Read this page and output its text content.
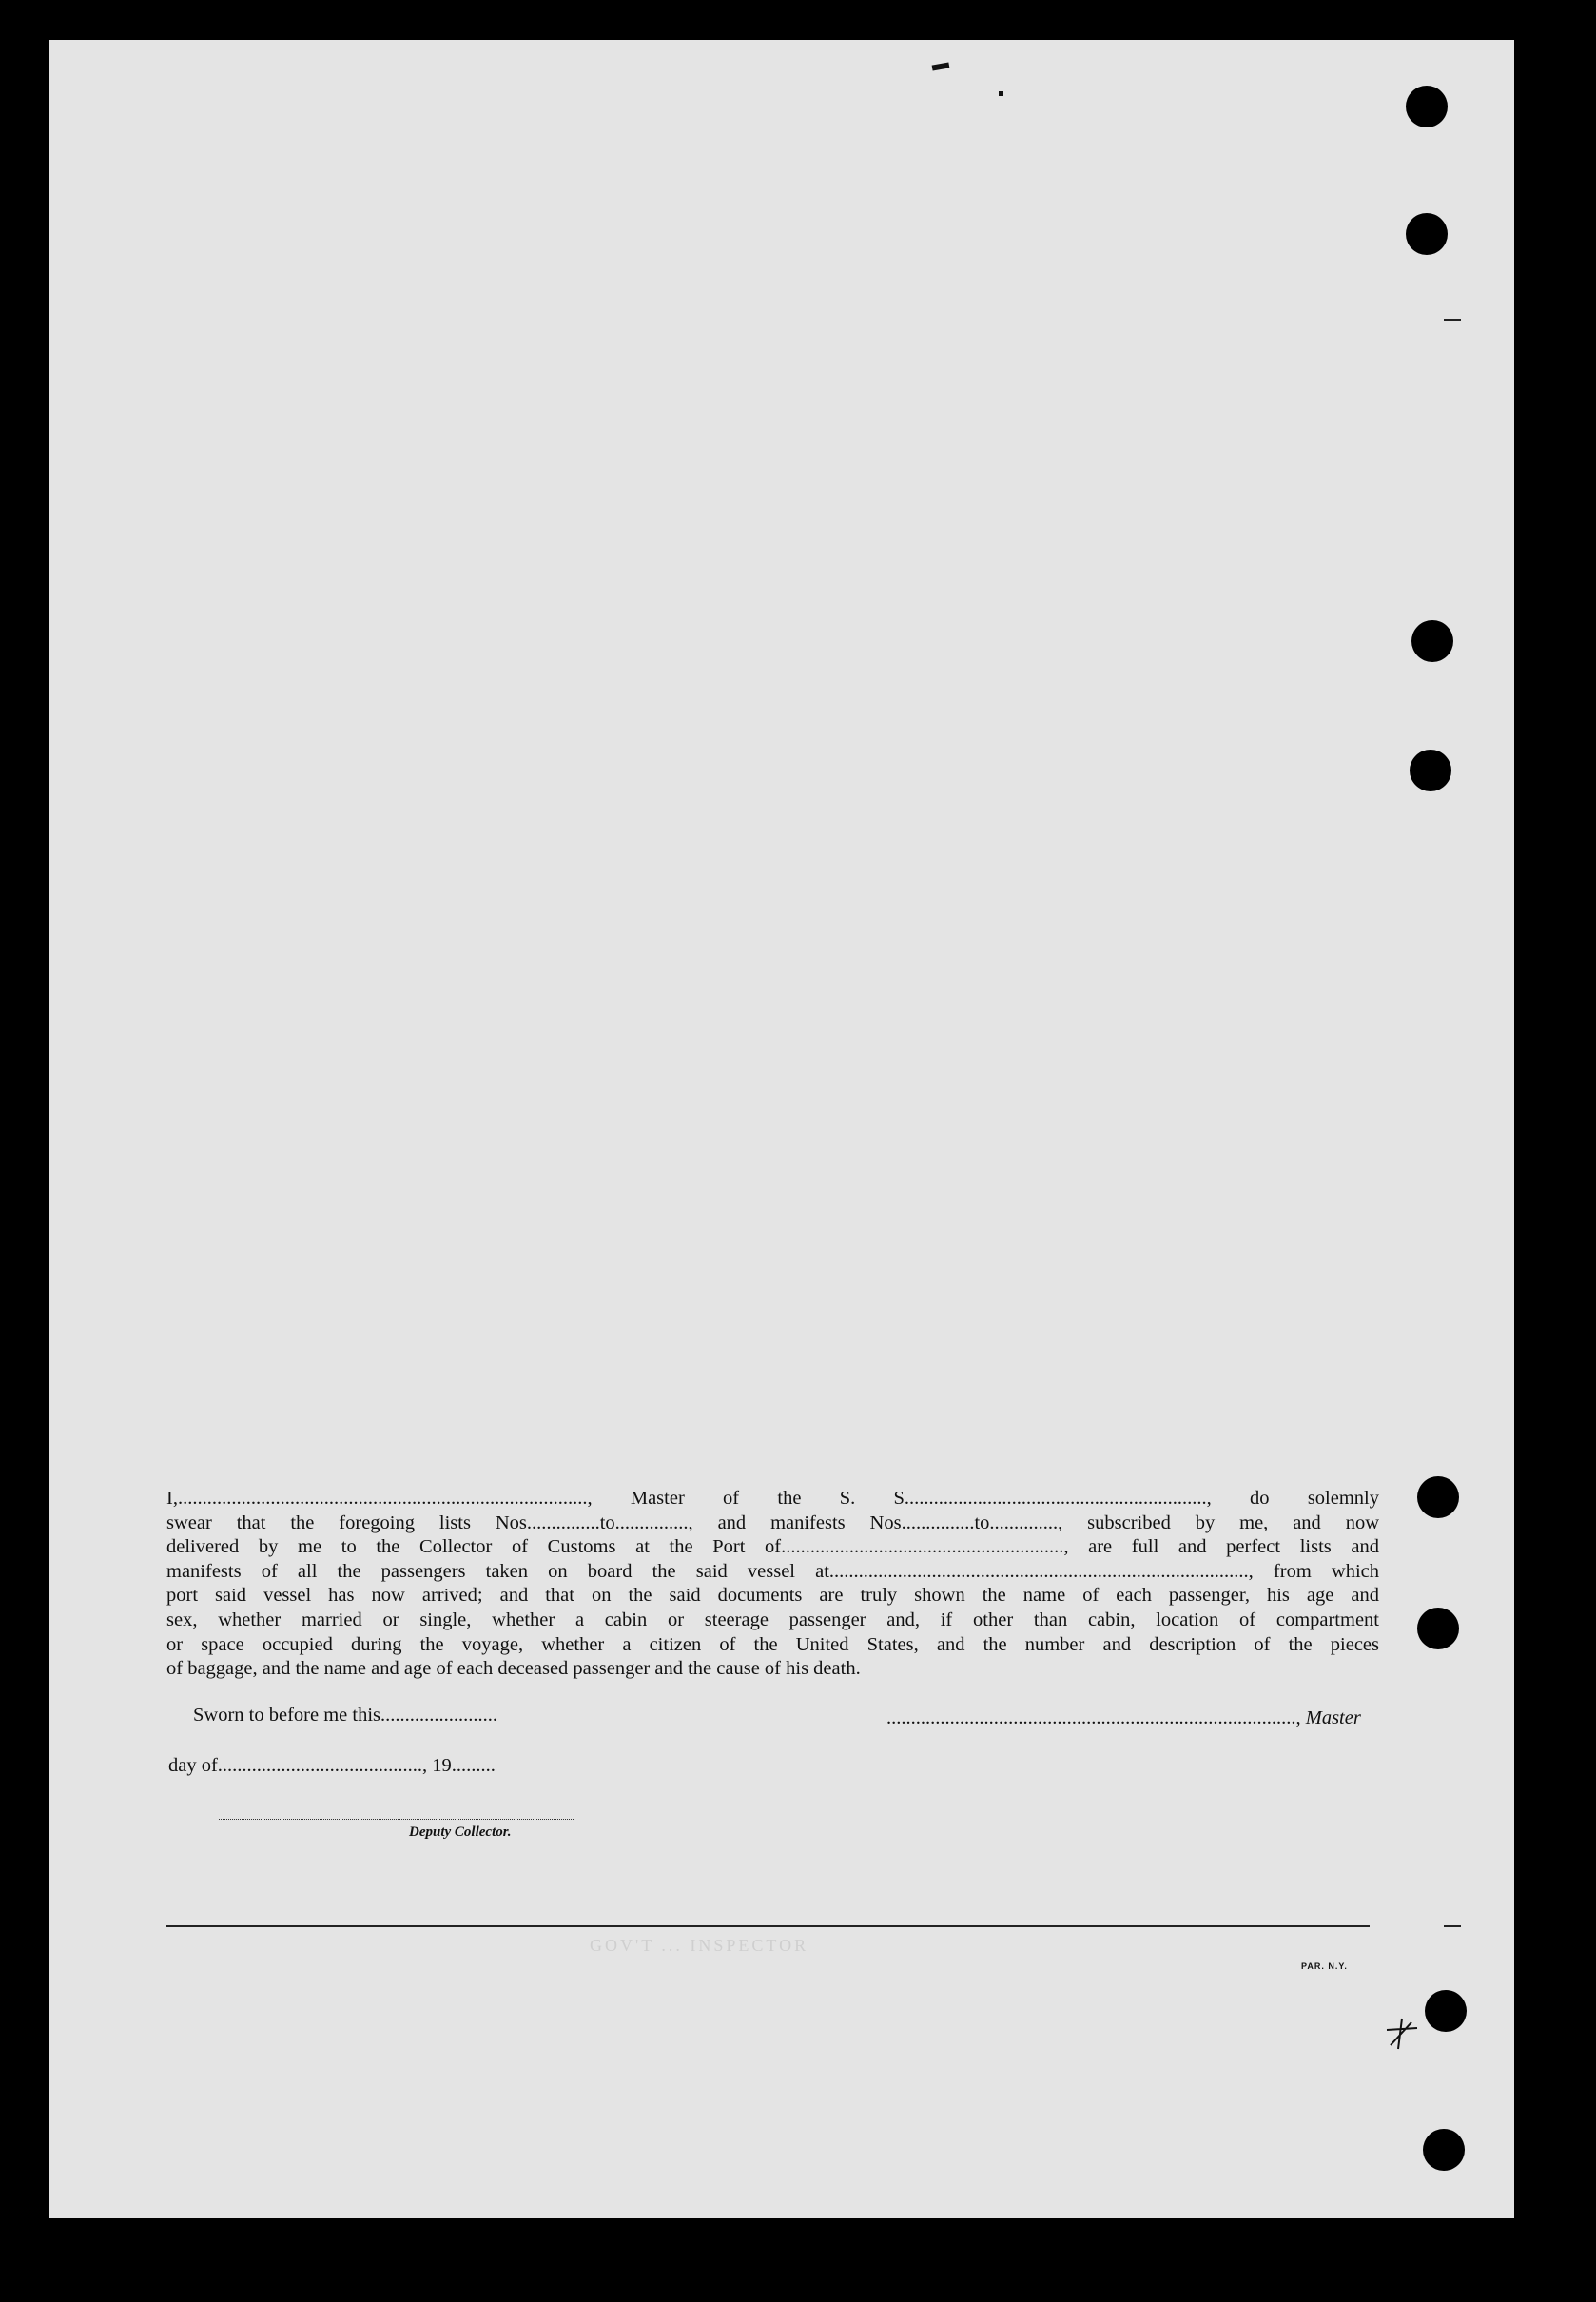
I,...................................................................................., Master of the S. S.............................................................., do solemnly
swear that the foregoing lists Nos...............to..............., and manifests Nos...............to.............., subscribed by me, and now
delivered by me to the Collector of Customs at the Port of.........................................................., are full and perfect lists and
manifests of all the passengers taken on board the said vessel at......................................................................................, from which
port said vessel has now arrived; and that on the said documents are truly shown the name of each passenger, his age and
sex, whether married or single, whether a cabin or steerage passenger and, if other than cabin, location of compartment
or space occupied during the voyage, whether a citizen of the United States, and the number and description of the pieces
of baggage, and the name and age of each deceased passenger and the cause of his death.
Sworn to before me this........................	...................................................................................., Master
day of.........................................., 19.........
Deputy Collector.
GOV'T ... INSPECTOR
PAR. N.Y.
